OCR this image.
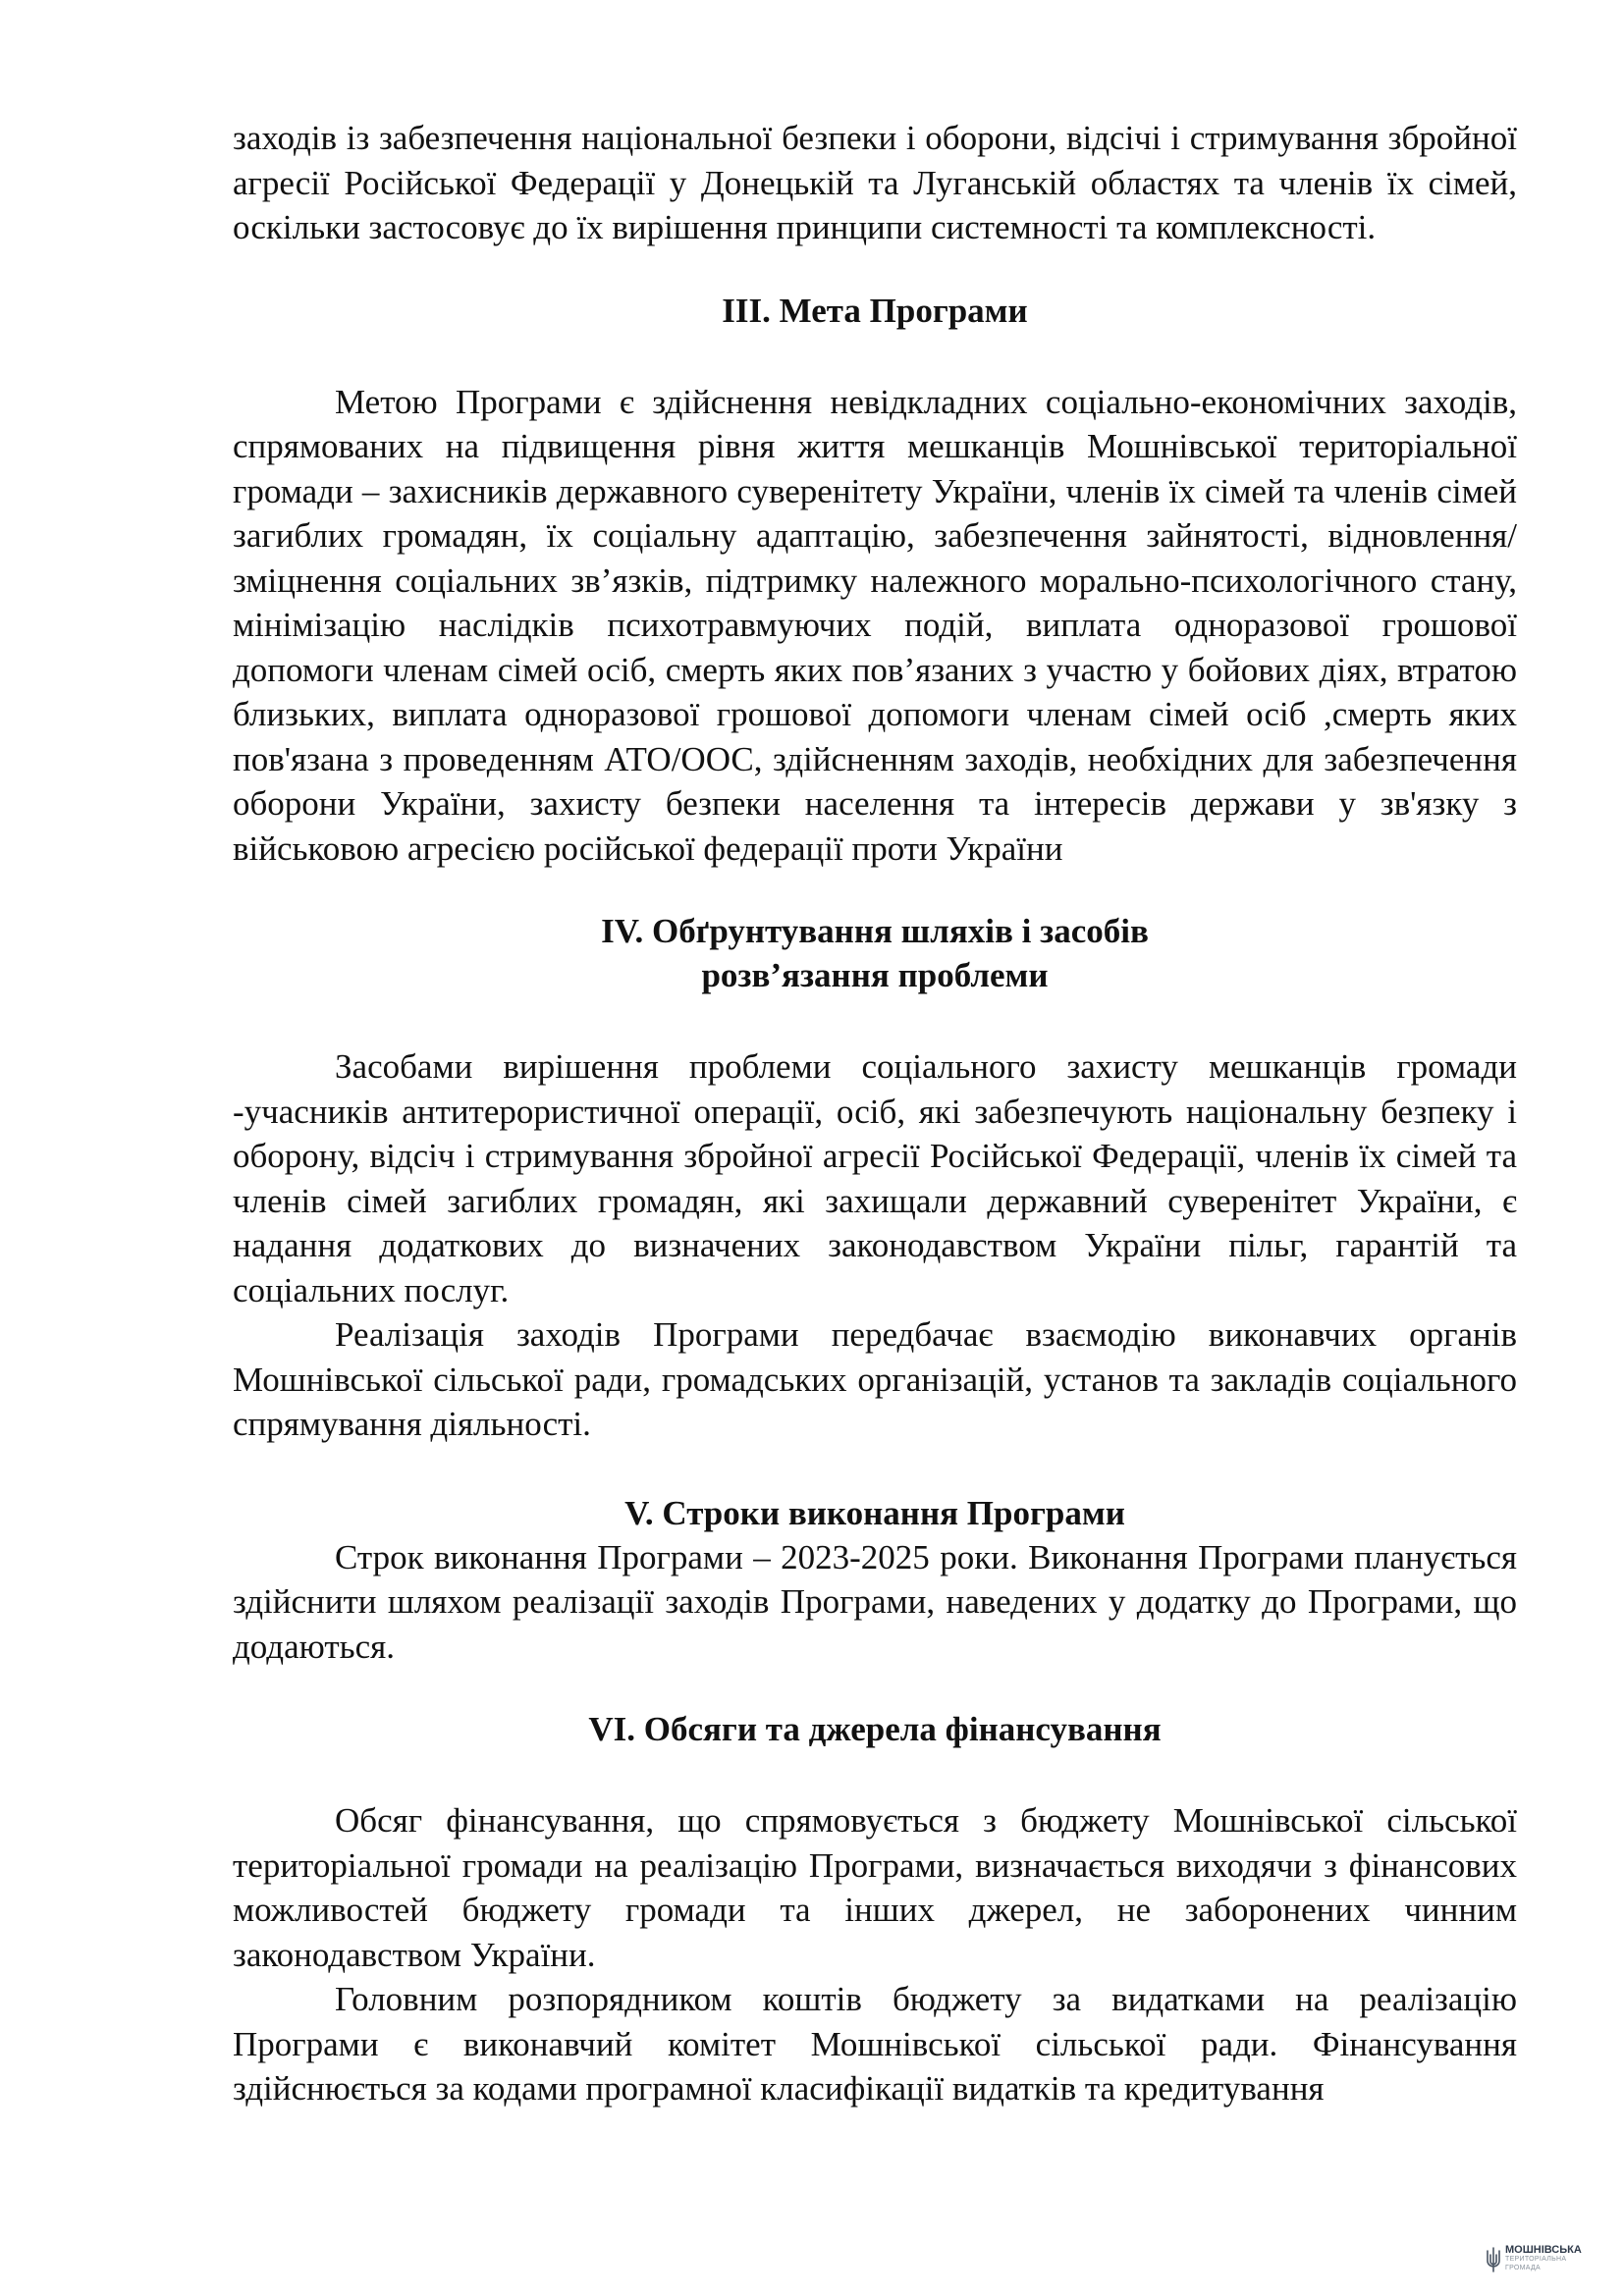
заходів із забезпечення національної безпеки і оборони, відсічі і стримування збройної агресії Російської Федерації у Донецькій та Луганській областях та членів їх сімей, оскільки застосовує до їх вирішення принципи системності та комплексності.

ІІІ. Мета Програми

Метою Програми є здійснення невідкладних соціально-економічних заходів, спрямованих на підвищення рівня життя мешканців Мошнівської територіальної громади – захисників державного суверенітету України, членів їх сімей та членів сімей загиблих громадян, їх соціальну адаптацію, забезпечення зайнятості, відновлення/зміцнення соціальних зв’язків, підтримку належного морально-психологічного стану, мінімізацію наслідків психотравмуючих подій, виплата одноразової грошової допомоги членам сімей осіб, смерть яких пов’язаних з участю у бойових діях, втратою близьких, виплата одноразової грошової допомоги членам сімей осіб ,смерть яких пов'язана з проведенням АТО/ООС, здійсненням заходів, необхідних для забезпечення оборони України, захисту безпеки населення та інтересів держави у зв'язку з військовою агресією російської федерації проти України

ІV. Обґрунтування шляхів і засобів
розв’язання проблеми

Засобами вирішення проблеми соціального захисту мешканців громади -учасників антитерористичної операції, осіб, які забезпечують національну безпеку і оборону, відсіч і стримування збройної агресії Російської Федерації, членів їх сімей та членів сімей загиблих громадян, які захищали державний суверенітет України, є надання додаткових до визначених законодавством України пільг, гарантій та соціальних послуг.

Реалізація заходів Програми передбачає взаємодію виконавчих органів Мошнівської сільської ради, громадських організацій, установ та закладів соціального спрямування діяльності.

V. Строки виконання Програми

Строк виконання Програми – 2023-2025 роки. Виконання Програми планується здійснити шляхом реалізації заходів Програми, наведених у додатку до Програми, що додаються.

VІ. Обсяги та джерела фінансування

Обсяг фінансування, що спрямовується з бюджету Мошнівської сільської територіальної громади на реалізацію Програми, визначається виходячи з фінансових можливостей бюджету громади та інших джерел, не заборонених чинним законодавством України.

Головним розпорядником коштів бюджету за видатками на реалізацію Програми є виконавчий комітет Мошнівської сільської ради. Фінансування здійснюється за кодами програмної класифікації видатків та кредитування

МОШНІВСЬКА
ТЕРИТОРІАЛЬНА
ГРОМАДА
